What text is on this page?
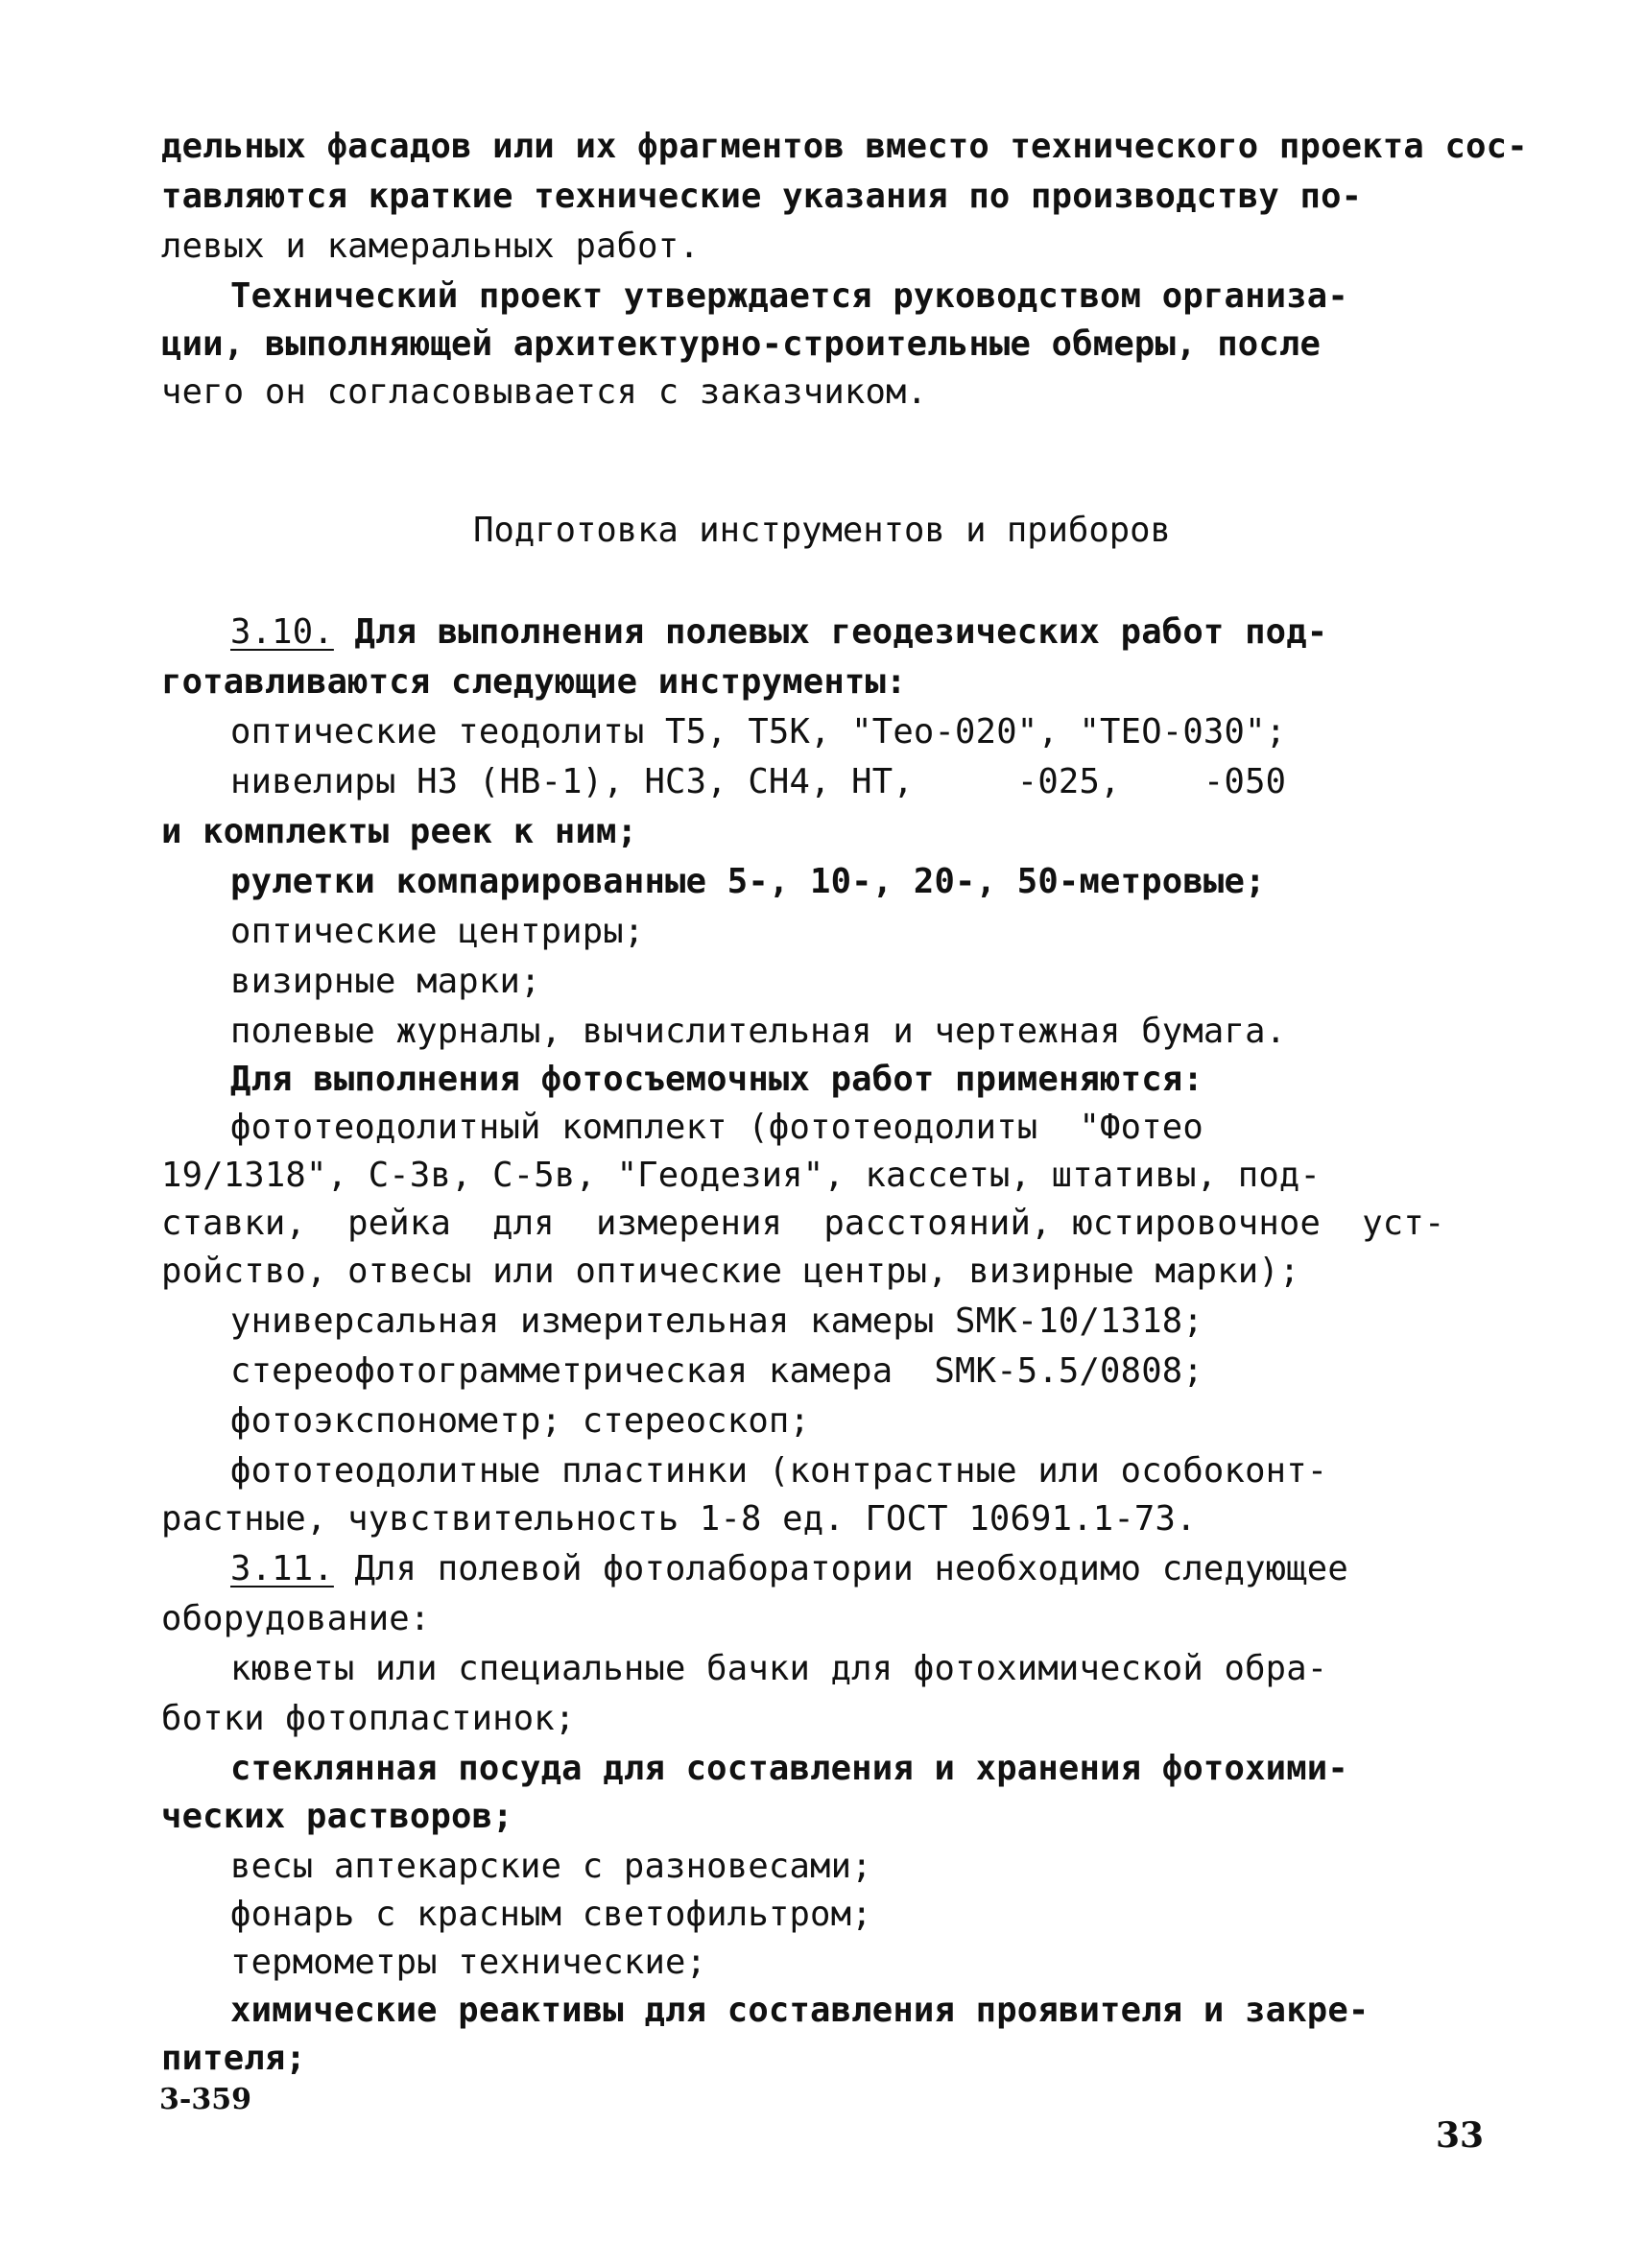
дельных фасадов или их фрагментов вместо технического проекта сос-
тавляются краткие технические указания по производству по-
левых и камеральных работ.
Технический проект утверждается руководством организа-
ции, выполняющей архитектурно-строительные обмеры, после
чего он согласовывается с заказчиком.
Подготовка инструментов и приборов
3.10. Для выполнения полевых геодезических работ под-
готавливаются следующие инструменты:
оптические теодолиты Т5, Т5К, "Тео-020", "ТЕО-030";
нивелиры Н3 (НВ-1), НС3, СН4, НТ,     -025,    -050
и комплекты реек к ним;
рулетки компарированные 5-, 10-, 20-, 50-метровые;
оптические центриры;
визирные марки;
полевые журналы, вычислительная и чертежная бумага.
Для выполнения фотосъемочных работ применяются:
фототеодолитный комплект (фототеодолиты  "Фотео
19/1318", С-3в, С-5в, "Геодезия", кассеты, штативы, под-
ставки,  рейка  для  измерения  расстояний, юстировочное  уст-
ройство, отвесы или оптические центры, визирные марки);
универсальная измерительная камеры SMK-10/1318;
стереофотограмметрическая камера  SMK-5.5/0808;
фотоэкспонометр; стереоскоп;
фототеодолитные пластинки (контрастные или особоконт-
растные, чувствительность 1-8 ед. ГОСТ 10691.1-73.
3.11. Для полевой фотолаборатории необходимо следующее
оборудование:
кюветы или специальные бачки для фотохимической обра-
ботки фотопластинок;
стеклянная посуда для составления и хранения фотохими-
ческих растворов;
весы аптекарские с разновесами;
фонарь с красным светофильтром;
термометры технические;
химические реактивы для составления проявителя и закре-
пителя;
3-359
33
